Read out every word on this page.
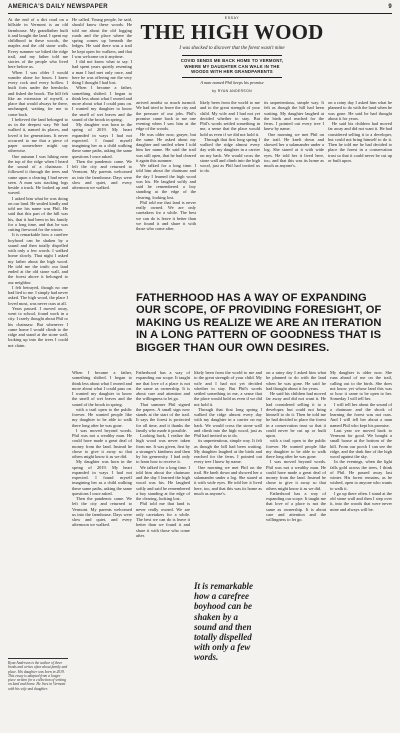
AMERICA'S DAILY NEWSPAPER	9

At the end of a dirt road on a hillside in Vermont is an old farmhouse. My grandfather built it and bought the land. I spent my childhood in these woods, the maples and the old stone walls. Every summer we hiked the ridge trail, and my father told me stories of the people who lived here before us.

When I was older I would wander alone for hours. I knew every rock and every hollow. I built forts under the hemlocks and fished the brook. The hill felt like an extension of myself, a place that would always be there, unchanged, waiting for me to come back.

I believed the land belonged to us in the deepest way. We had walked it, named its places, and loved it for generations. It never occurred to me that a piece of paper somewhere might say otherwise.

One autumn I was hiking near the top of the ridge when I heard the sound of a chainsaw. I followed it through the trees and came upon a clearing I had never seen. A man was stacking logs beside a truck. He looked up and waved.

I asked him what he was doing on our land. He smiled kindly and told me his name was Phil. He said that this part of the hill was his, that it had been in his family for a long time, and that he was cutting firewood for the winter.

It is remarkable how a carefree boyhood can be shaken by a sound and then totally dispelled with only a few words. I walked home slowly. That night I asked my father about the high wood. He told me the truth: our land ended at the old stone wall, and the forest above it belonged to our neighbor.

I felt betrayed, though no one had lied to me. I simply had never asked. The high wood, the place I loved most, was never ours at all.

Years passed. I moved away, went to school, found work in a city. I rarely thought about Phil or his chainsaw. But whenever I came home I would climb to the ridge and stand at the stone wall, looking up into the trees I could not claim.

Ryan Anderson is the author of three books and writes often about family and place. His daughter was born in 2019. This essay is adapted from a longer piece written for a collection of writing on land and home. He lives in Vermont with his wife and daughter.
ESSAY
THE HIGH WOOD
I was shocked to discover that the forest wasn't mine
COVID SENDS ME BACK HOME TO VERMONT,
WHERE MY DAUGHTER CAN WALK IN THE
WOODS WITH HER GRANDPARENTS
A man named Phil keeps his promise
by RYAN ANDERSON

He called. Young people, he said, should know these woods. He told me about the old logging roads and the place where the spring comes up beneath the ledges. He said there was a trail he kept open for walkers, and that I was welcome on it anytime.

I did not know what to say. I had spent years quietly resenting a man I had met only once, and here he was offering me the very thing I thought I had lost.

When I became a father, something shifted. I began to think less about what I owned and more about what I could pass on. I wanted my daughter to know the smell of wet leaves and the sound of the brook in spring.

My daughter was born in the spring of 2019. My heart expanded in ways I had not expected. I found myself imagining her as a child walking these same paths, asking the same questions I once asked.

Then the pandemic came. We left the city and returned to Vermont. My parents welcomed us into the farmhouse. Days were slow and quiet, and every afternoon we walked.

arrived amidst so much turmoil. We had tried to leave the city and the pressure of our jobs. Phil's promise came back to me one evening when I saw him at the edge of the woods.

He was older now, grayer, but the same. He asked about my daughter and smiled when I told him her name. He said the trail was still open, that he had cleared it again this summer.

We talked for a long time. I told him about the chainsaw and the day I learned the high wood was his. He laughed softly and said he remembered a boy standing at the edge of the clearing, looking lost.

Phil told me that land is never really owned. We are only caretakers for a while. The best we can do is leave it better than we found it and share it with those who come after.

likely been from the world to me and to the great strength of your child. My wife and I had not yet decided whether to stay. But Phil's words settled something in me, a sense that the place would hold us even if we did not hold it.

Through that first long spring I walked the ridge almost every day with my daughter in a carrier on my back. We would cross the stone wall and climb into the high wood, just as Phil had invited us to do.

its unpretentious, simple way. It felt as though the hill had been waiting. My daughter laughed at the birds and reached for the ferns. I pointed out every tree I knew by name.

One morning we met Phil on the trail. He knelt down and showed her a salamander under a log. She stared at it with wide eyes. He told her it lived here, too, and that this was its home as much as anyone's.

on a rainy day I asked him what he planned to do with the land when he was gone. He said he had thought about it for years.

He said his children had moved far away and did not want it. He had considered selling it to a developer, but could not bring himself to do it. Then he told me he had decided to place the forest in a conservation trust so that it could never be cut up or built upon.

FATHERHOOD HAS A WAY OF EXPANDING OUR SCOPE, OF PROVIDING FORESIGHT, OF MAKING US REALIZE WE ARE AN ITERATION IN A LONG PATTERN OF GOODNESS THAT IS BIGGER THAN OUR OWN DESIRES.

When I became a father, something shifted. I began to think less about what I owned and more about what I could pass on. I wanted my daughter to know the smell of wet leaves and the sound of the brook in spring.

with a trail open to the public forever. He wanted people like my daughter to be able to walk there long after he was gone.

I was moved beyond words. Phil was not a wealthy man. He could have made a great deal of money from the land. Instead he chose to give it away so that others might know it as we did.

My daughter was born in the spring of 2019. My heart expanded in ways I had not expected. I found myself imagining her as a child walking these same paths, asking the same questions I once asked.

Then the pandemic came. We left the city and returned to Vermont. My parents welcomed us into the farmhouse. Days were slow and quiet, and every afternoon we walked.

Fatherhood has a way of expanding our scope. It taught me that love of a place is not the same as ownership. It is about care and attention and the willingness to let go.

That summer Phil signed the papers. A small sign now stands at the start of the trail. It says the forest is protected for all time, and it thanks the family who made it possible.

Looking back, I realize the high wood was never taken from me. It was given, first by a stranger's kindness and then by his generosity. I had only to learn how to receive it.

We talked for a long time. I told him about the chainsaw and the day I learned the high wood was his. He laughed softly and said he remembered a boy standing at the edge of the clearing, looking lost.

Phil told me that land is never really owned. We are only caretakers for a while. The best we can do is leave it better than we found it and share it with those who come after.

likely been from the world to me and to the great strength of your child. My wife and I had not yet decided whether to stay. But Phil's words settled something in me, a sense that the place would hold us even if we did not hold it.

Through that first long spring I walked the ridge almost every day with my daughter in a carrier on my back. We would cross the stone wall and climb into the high wood, just as Phil had invited us to do.

its unpretentious, simple way. It felt as though the hill had been waiting. My daughter laughed at the birds and reached for the ferns. I pointed out every tree I knew by name.

One morning we met Phil on the trail. He knelt down and showed her a salamander under a log. She stared at it with wide eyes. He told her it lived here, too, and that this was its home as much as anyone's.

It is remarkable how a carefree boyhood can be shaken by a sound and then totally dispelled with only a few words.

on a rainy day I asked him what he planned to do with the land when he was gone. He said he had thought about it for years.

He said his children had moved far away and did not want it. He had considered selling it to a developer, but could not bring himself to do it. Then he told me he had decided to place the forest in a conservation trust so that it could never be cut up or built upon.

with a trail open to the public forever. He wanted people like my daughter to be able to walk there long after he was gone.

I was moved beyond words. Phil was not a wealthy man. He could have made a great deal of money from the land. Instead he chose to give it away so that others might know it as we did.

Fatherhood has a way of expanding our scope. It taught me that love of a place is not the same as ownership. It is about care and attention and the willingness to let go.

My daughter is older now. She runs ahead of me on the trail, calling out to the birds. She does not know yet whose land this was or how it came to be open to her. Someday I will tell her.

I will tell her about the sound of a chainsaw and the shock of learning the forest was not ours. And I will tell her about a man named Phil who kept his promise.

Last year we moved back to Vermont for good. We bought a small house at the bottom of the hill. From our porch I can see the ridge, and the dark line of the high wood against the sky.

In the evenings, when the light falls gold across the trees, I think of Phil. He passed away last winter. His forest remains, as he wished, open to anyone who wants to walk it.

I go up there often. I stand at the old stone wall and then I step over it, into the woods that were never mine and always will be.
